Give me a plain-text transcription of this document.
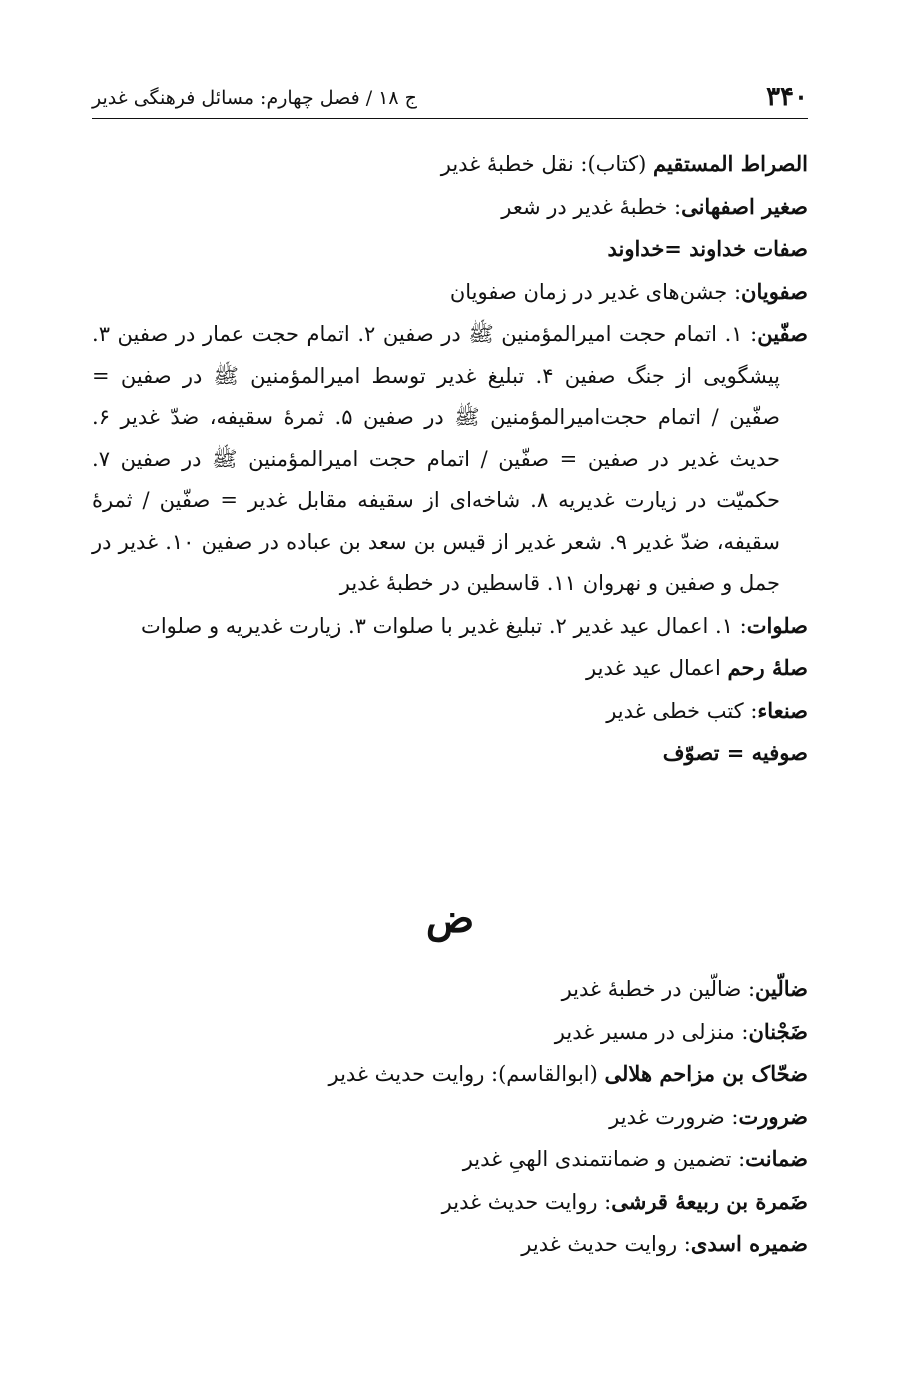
۳۴۰
ج ۱۸ / فصل چهارم: مسائل فرهنگی غدیر
الصراط المستقیم (کتاب): نقل خطبۀ غدیر
صغیر اصفهانی: خطبۀ غدیر در شعر
صفات خداوند =خداوند
صفویان: جشن‌های غدیر در زمان صفویان
صفّین: ۱. اتمام حجت امیرالمؤمنین ﷺ در صفین ۲. اتمام حجت عمار در صفین ۳. پیشگویی از جنگ صفین ۴. تبلیغ غدیر توسط امیرالمؤمنین ﷺ در صفین = صفّین / اتمام حجت‌امیرالمؤمنین ﷺ در صفین ۵. ثمرۀ سقیفه، ضدّ غدیر ۶. حدیث غدیر در صفین = صفّین / اتمام حجت امیرالمؤمنین ﷺ در صفین ۷. حکمیّت در زیارت غدیریه ۸. شاخه‌ای از سقیفه مقابل غدیر = صفّین / ثمرۀ سقیفه، ضدّ غدیر ۹. شعر غدیر از قیس بن سعد بن عباده در صفین ۱۰. غدیر در جمل و صفین و نهروان ۱۱. قاسطین در خطبۀ غدیر
صلوات: ۱. اعمال عید غدیر ۲. تبلیغ غدیر با صلوات ۳. زیارت غدیریه و صلوات
صلۀ رحم اعمال عید غدیر
صنعاء: کتب خطی غدیر
صوفیه = تصوّف
ض
ضالّین: ضالّین در خطبۀ غدیر
ضَجْنان: منزلی در مسیر غدیر
ضحّاک بن مزاحم هلالی (ابوالقاسم): روایت حدیث غدیر
ضرورت: ضرورت غدیر
ضمانت: تضمین و ضمانتمندی الهیِ غدیر
ضَمرة بن ربیعۀ قرشی: روایت حدیث غدیر
ضمیره اسدی: روایت حدیث غدیر
